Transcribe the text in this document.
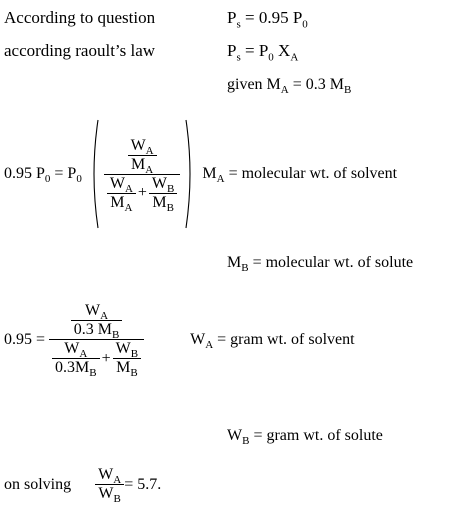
According to question	$P_s = 0.95$ $P_0$
according raoult’s law	$P_s = P_0$ $X_A$
given $M_A = 0.3$ $M_B$
0.95 $P_0 = P_0$
$\frac{W_A}{M_A}$
$\frac{W_A}{M_A} + \frac{W_B}{M_B}$
$M_A$ = molecular wt. of solvent
$M_B$ = molecular wt. of solute
$0.95 = \frac{W_A}{0.3 M_B}$
$\frac{W_A}{0.3M_B} + \frac{W_B}{M_B}$
$W_A$ = gram wt. of solvent
$W_B$ = gram wt. of solute
on solving $\frac{W_A}{W_B} = 5.7$.
